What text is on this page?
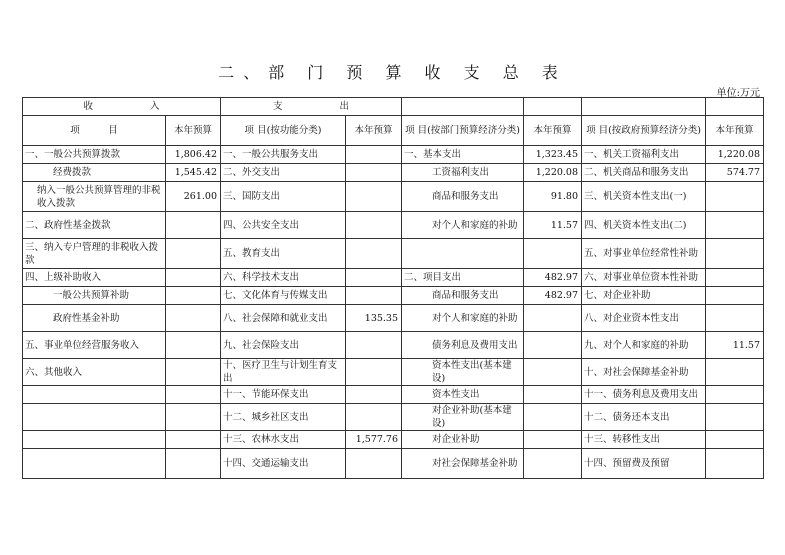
二、部 门 预 算 收 支 总 表
单位:万元
收　　　　　　入		支　　　　　　出					
项　　　目	本年预算	项 目(按功能分类)	本年预算	项 目(按部门预算经济分类)	本年预算	项 目(按政府预算经济分类)	本年预算
一、一般公共预算拨款	1,806.42	一、一般公共服务支出		一、基本支出	1,323.45	一、机关工资福利支出	1,220.08
经费拨款	1,545.42	二、外交支出		工资福利支出	1,220.08	二、机关商品和服务支出	574.77
纳入一般公共预算管理的非税收入拨款	261.00	三、国防支出		商品和服务支出	91.80	三、机关资本性支出(一)	
二、政府性基金拨款		四、公共安全支出		对个人和家庭的补助	11.57	四、机关资本性支出(二)	
三、纳入专户管理的非税收入拨款		五、教育支出				五、对事业单位经常性补助	
四、上级补助收入		六、科学技术支出		二、项目支出	482.97	六、对事业单位资本性补助	
一般公共预算补助		七、文化体育与传媒支出		商品和服务支出	482.97	七、对企业补助	
政府性基金补助		八、社会保障和就业支出	135.35	对个人和家庭的补助		八、对企业资本性支出	
五、事业单位经营服务收入		九、社会保险支出		债务利息及费用支出		九、对个人和家庭的补助	11.57
六、其他收入		十、医疗卫生与计划生育支出		资本性支出(基本建设)		十、对社会保障基金补助	
		十一、节能环保支出		资本性支出		十一、债务利息及费用支出	
		十二、城乡社区支出		对企业补助(基本建设)		十二、债务还本支出	
		十三、农林水支出	1,577.76	对企业补助		十三、转移性支出	
		十四、交通运输支出		对社会保障基金补助		十四、预留费及预留	
